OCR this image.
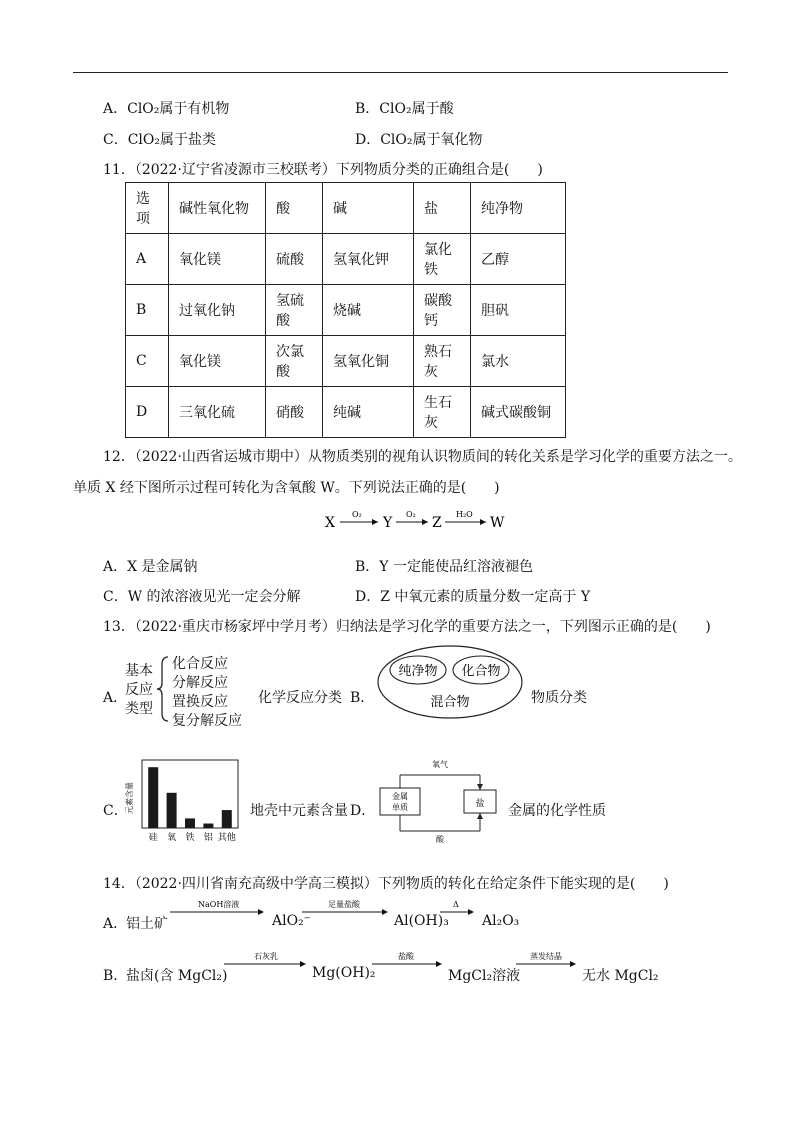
A．ClO₂属于有机物	B．ClO₂属于酸
C．ClO₂属于盐类	D．ClO₂属于氧化物
11．（2022·辽宁省凌源市三校联考）下列物质分类的正确组合是(　　)
选项	碱性氧化物	酸	碱	盐	纯净物
A	氧化镁	硫酸	氢氧化钾	氯化铁	乙醇
B	过氧化钠	氢硫酸	烧碱	碳酸钙	胆矾
C	氧化镁	次氯酸	氢氧化铜	熟石灰	氯水
D	三氧化硫	硝酸	纯碱	生石灰	碱式碳酸铜
12．（2022·山西省运城市期中）从物质类别的视角认识物质间的转化关系是学习化学的重要方法之一。
单质 X 经下图所示过程可转化为含氧酸 W。下列说法正确的是(　　)
X
O₂
Y
O₂
Z
H₂O
W
A．X 是金属钠	B．Y 一定能使品红溶液褪色
C．W 的浓溶液见光一定会分解	D．Z 中氧元素的质量分数一定高于 Y
13．（2022·重庆市杨家坪中学月考）归纳法是学习化学的重要方法之一，下列图示正确的是(　　)
A．
基本
反应
类型
化合反应
分解反应
置换反应
复分解反应
化学反应分类 B．
纯净物 化合物
混合物	物质分类
C．
元素含量
硅 氧 铁 铝 其他
地壳中元素含量 D．
金属
单质	盐
氧气
酸
金属的化学性质
14．（2022·四川省南充高级中学高三模拟）下列物质的转化在给定条件下能实现的是(　　)
A．
铝土矿
NaOH溶液
AlO₂⁻
足量盐酸
Al(OH)₃
Δ
Al₂O₃
B．
盐卤(含 MgCl₂)
石灰乳
Mg(OH)₂
盐酸
MgCl₂溶液
蒸发结晶
无水 MgCl₂
